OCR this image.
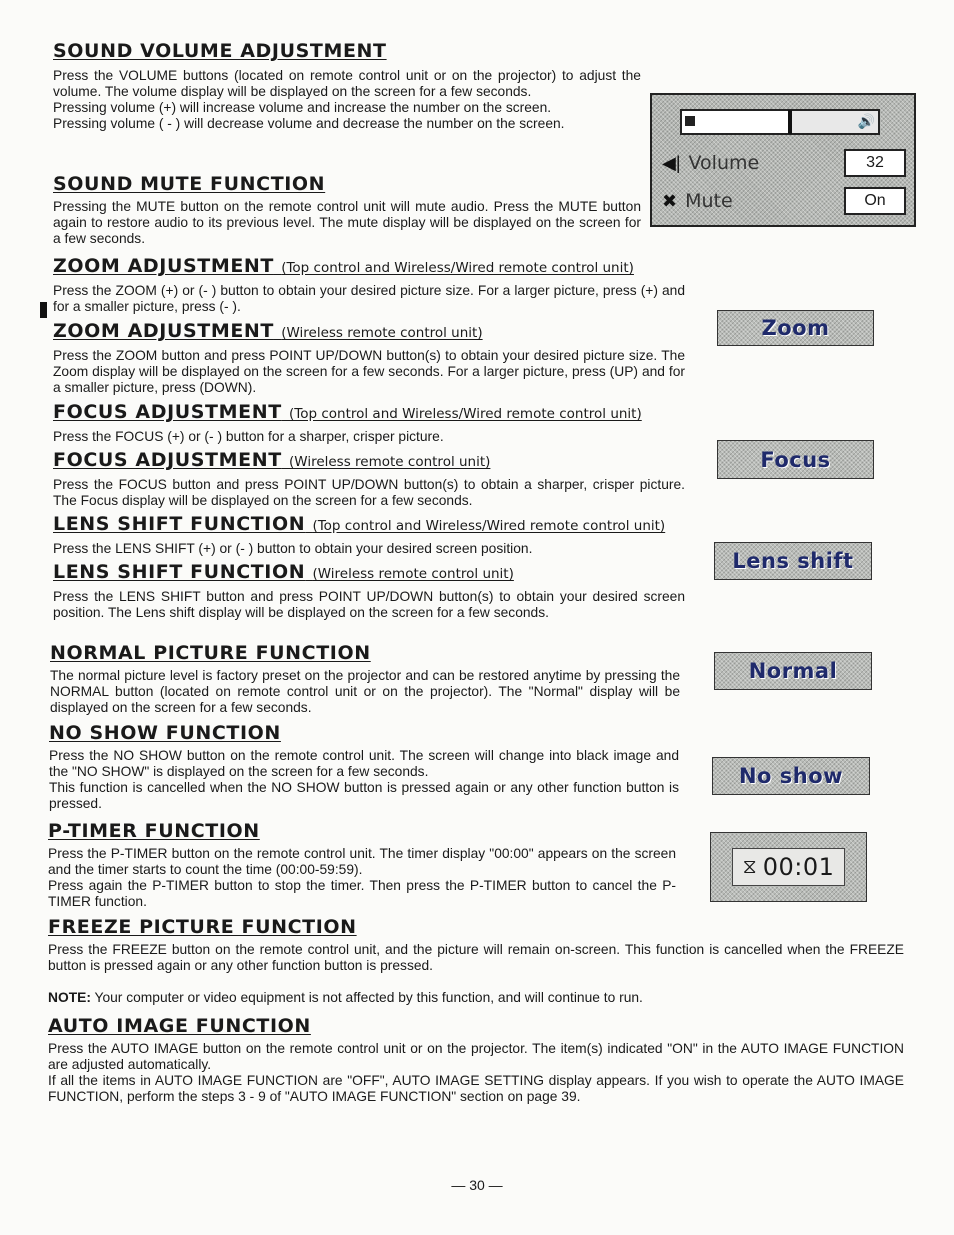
SOUND VOLUME ADJUSTMENT

Press the VOLUME buttons (located on remote control unit or on the projector) to adjust the volume. The volume display will be displayed on the screen for a few seconds.

Pressing volume (+) will increase volume and increase the number on the screen.

Pressing volume ( - ) will decrease volume and decrease the number on the screen.

SOUND MUTE FUNCTION

Pressing the MUTE button on the remote control unit will mute audio. Press the MUTE button again to restore audio to its previous level. The mute display will be displayed on the screen for a few seconds.

🔊
◀︎| Volume	32
✖ Mute	On
ZOOM ADJUSTMENT (Top control and Wireless/Wired remote control unit)

Press the ZOOM (+) or (- ) button to obtain your desired picture size. For a larger picture, press (+) and for a smaller picture, press (- ).

ZOOM ADJUSTMENT (Wireless remote control unit)

Press the ZOOM button and press POINT UP/DOWN button(s) to obtain your desired picture size. The Zoom display will be displayed on the screen for a few seconds. For a larger picture, press (UP) and for a smaller picture, press (DOWN).

Zoom
FOCUS ADJUSTMENT (Top control and Wireless/Wired remote control unit)

Press the FOCUS (+) or (- ) button for a sharper, crisper picture.

FOCUS ADJUSTMENT (Wireless remote control unit)

Press the FOCUS button and press POINT UP/DOWN button(s) to obtain a sharper, crisper picture. The Focus display will be displayed on the screen for a few seconds.

Focus
LENS SHIFT FUNCTION (Top control and Wireless/Wired remote control unit)

Press the LENS SHIFT (+) or (- ) button to obtain your desired screen position.

LENS SHIFT FUNCTION (Wireless remote control unit)

Press the LENS SHIFT button and press POINT UP/DOWN button(s) to obtain your desired screen position. The Lens shift display will be displayed on the screen for a few seconds.

Lens shift
NORMAL PICTURE FUNCTION

The normal picture level is factory preset on the projector and can be restored anytime by pressing the NORMAL button (located on remote control unit or on the projector). The "Normal" display will be displayed on the screen for a few seconds.

Normal
NO SHOW FUNCTION

Press the NO SHOW button on the remote control unit. The screen will change into black image and the "NO SHOW" is displayed on the screen for a few seconds.

This function is cancelled when the NO SHOW button is pressed again or any other function button is pressed.

No show
P-TIMER FUNCTION

Press the P-TIMER button on the remote control unit. The timer display "00:00" appears on the screen and the timer starts to count the time (00:00-59:59).

Press again the P-TIMER button to stop the timer. Then press the P-TIMER button to cancel the P-TIMER function.

⧖ 00:01
FREEZE PICTURE FUNCTION

Press the FREEZE button on the remote control unit, and the picture will remain on-screen. This function is cancelled when the FREEZE button is pressed again or any other function button is pressed.

NOTE: Your computer or video equipment is not affected by this function, and will continue to run.

AUTO IMAGE FUNCTION

Press the AUTO IMAGE button on the remote control unit or on the projector. The item(s) indicated "ON" in the AUTO IMAGE FUNCTION are adjusted automatically.

If all the items in AUTO IMAGE FUNCTION are "OFF", AUTO IMAGE SETTING display appears. If you wish to operate the AUTO IMAGE FUNCTION, perform the steps 3 - 9 of "AUTO IMAGE FUNCTION" section on page 39.

— 30 —
